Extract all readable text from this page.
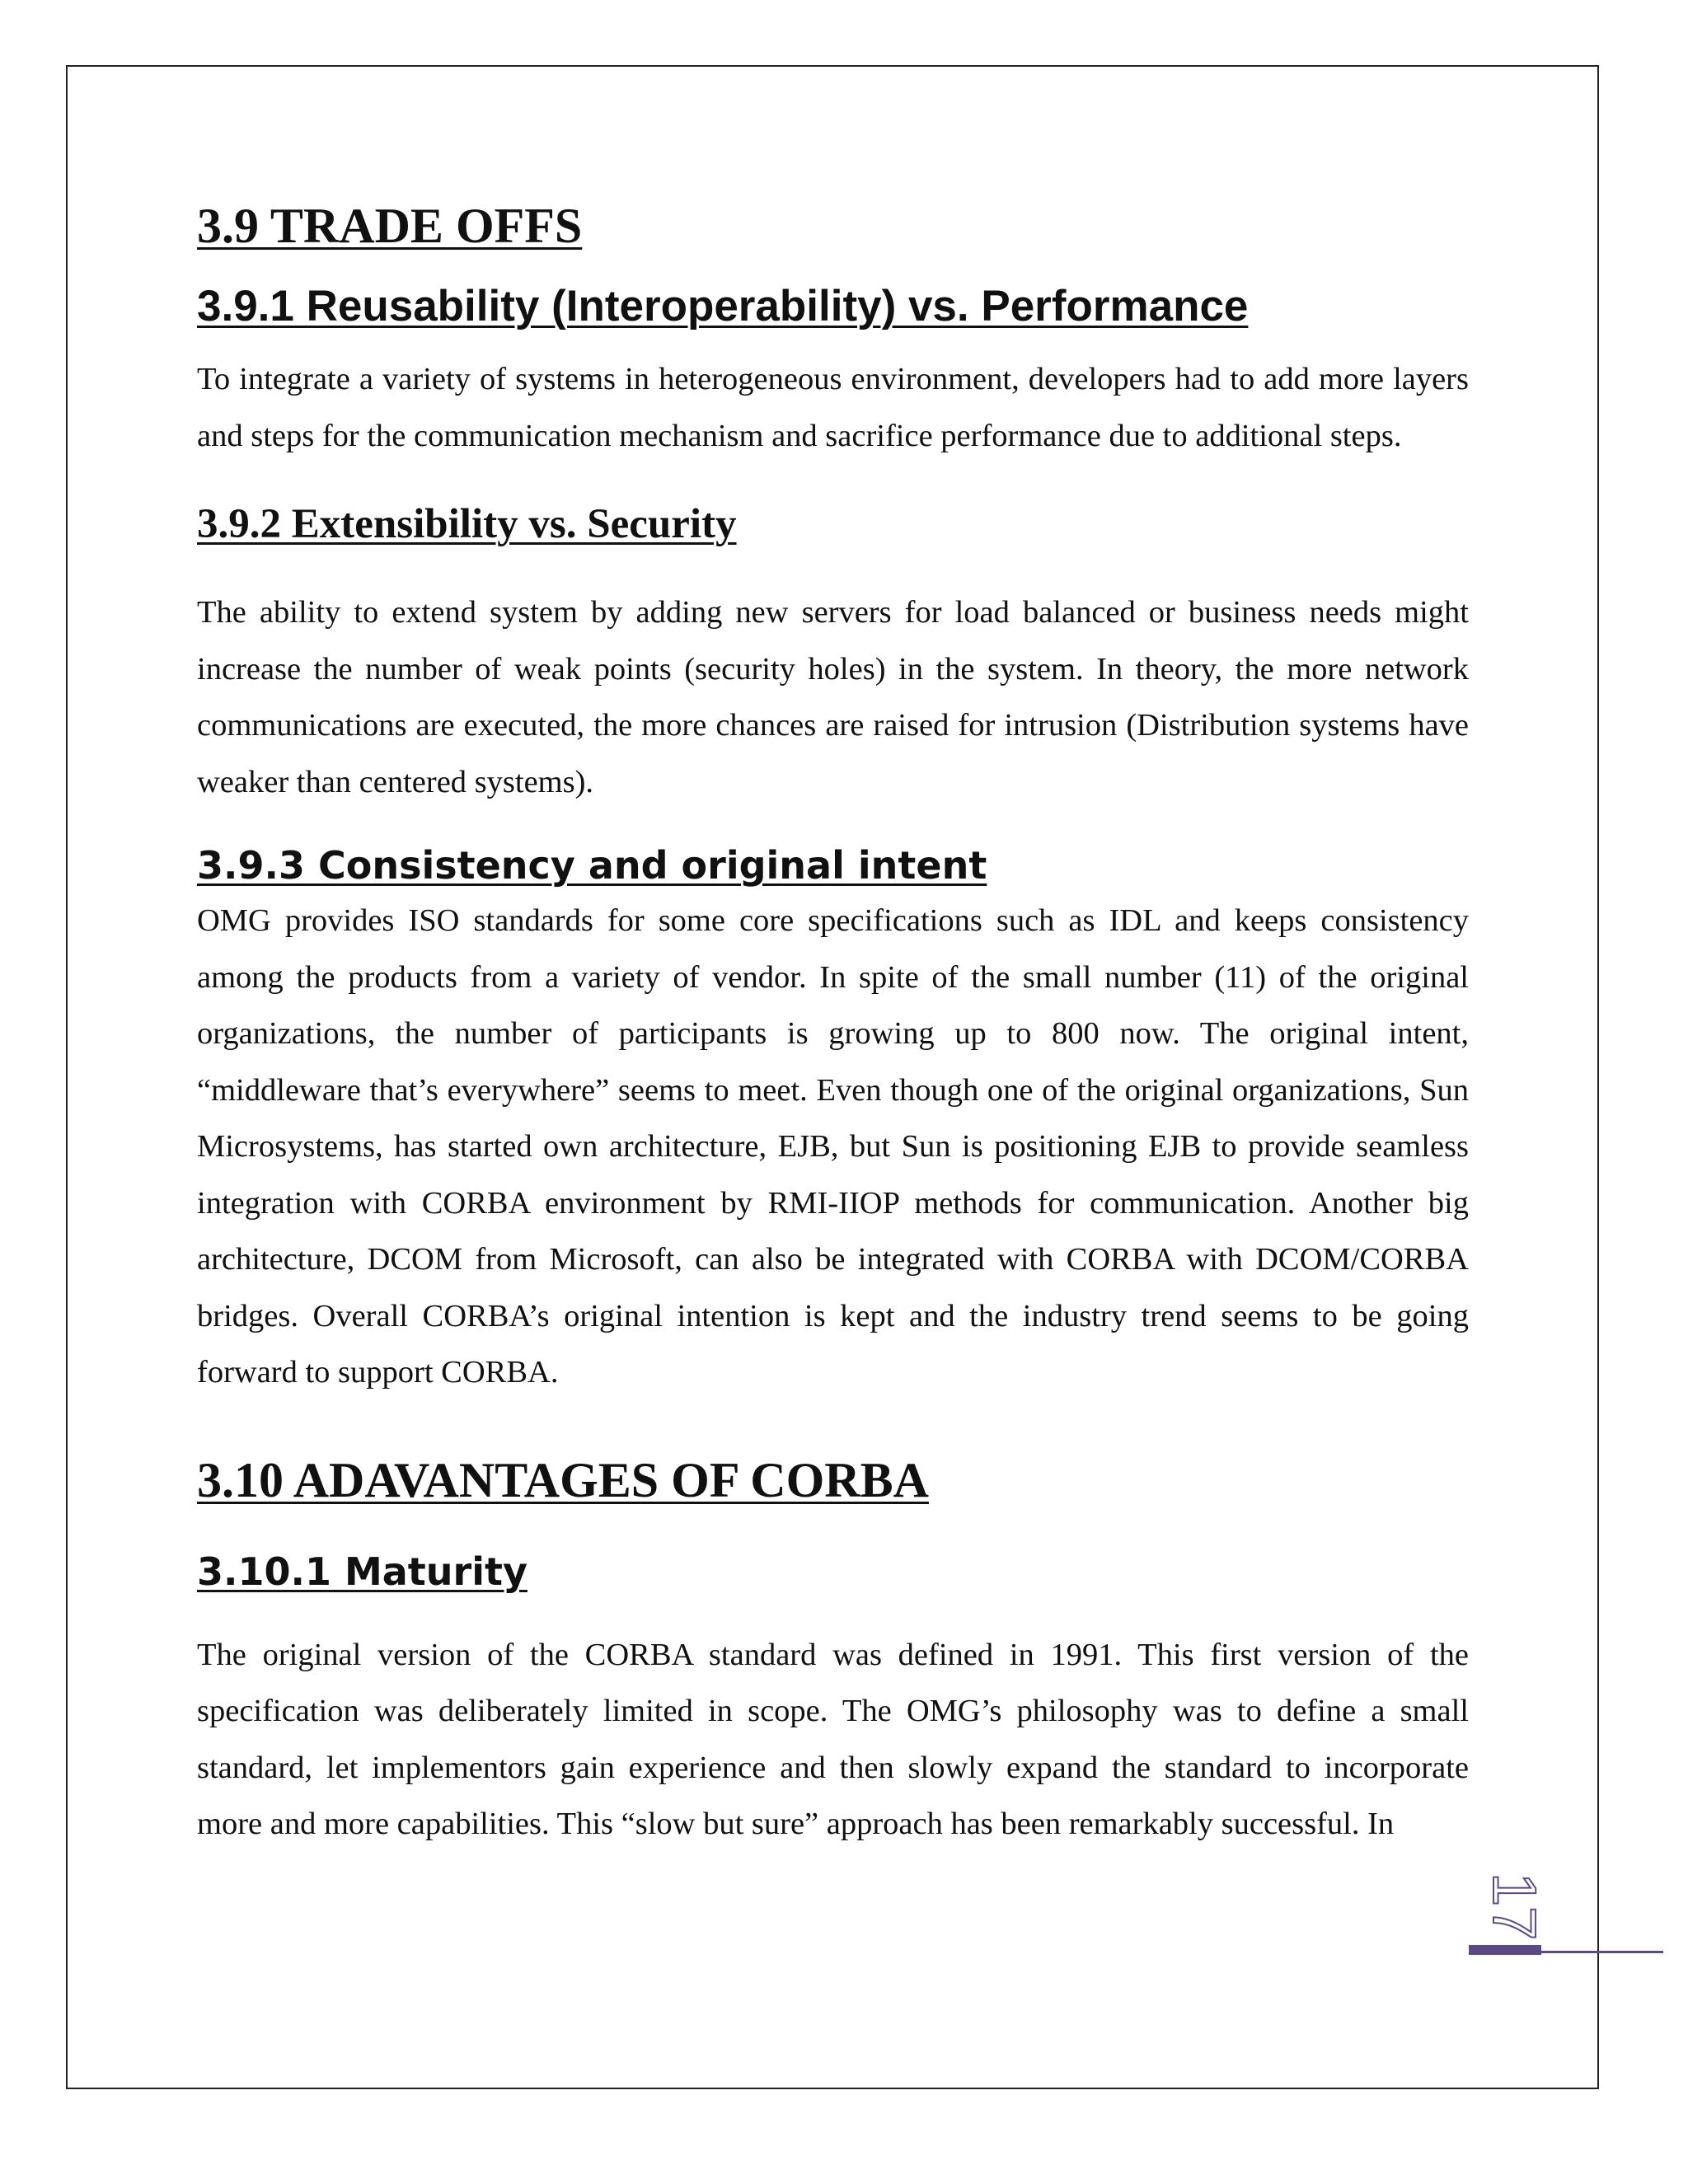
3.9 TRADE OFFS
3.9.1 Reusability (Interoperability) vs. Performance

To integrate a variety of systems in heterogeneous environment, developers had to add more layers and steps for the communication mechanism and sacrifice performance due to additional steps.

3.9.2 Extensibility vs. Security

The ability to extend system by adding new servers for load balanced or business needs might increase the number of weak points (security holes) in the system. In theory, the more network communications are executed, the more chances are raised for intrusion (Distribution systems have weaker than centered systems).

3.9.3 Consistency and original intent

OMG provides ISO standards for some core specifications such as IDL and keeps consistency among the products from a variety of vendor. In spite of the small number (11) of the original organizations, the number of participants is growing up to 800 now. The original intent, “middleware that’s everywhere” seems to meet. Even though one of the original organizations, Sun Microsystems, has started own architecture, EJB, but Sun is positioning EJB to provide seamless integration with CORBA environment by RMI-IIOP methods for communication. Another big architecture, DCOM from Microsoft, can also be integrated with CORBA with DCOM/CORBA bridges. Overall CORBA’s original intention is kept and the industry trend seems to be going forward to support CORBA.

3.10 ADAVANTAGES OF CORBA
3.10.1 Maturity

The original version of the CORBA standard was defined in 1991. This first version of the specification was deliberately limited in scope. The OMG’s philosophy was to define a small standard, let implementors gain experience and then slowly expand the standard to incorporate more and more capabilities. This “slow but sure” approach has been remarkably successful. In

17
